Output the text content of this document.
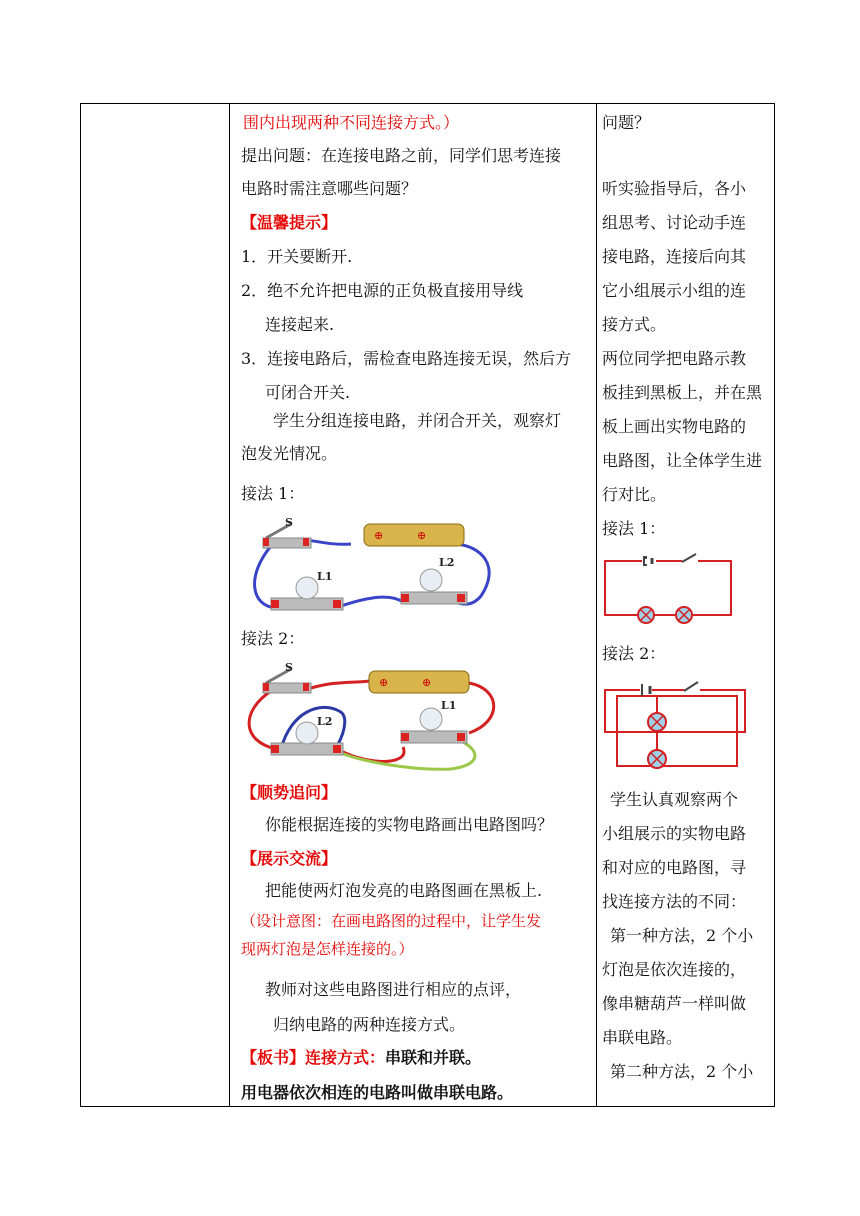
围内出现两种不同连接方式。）
提出问题：在连接电路之前，同学们思考连接
电路时需注意哪些问题？
【温馨提示】
1．开关要断开.
2．绝不允许把电源的正负极直接用导线
连接起来.
3．连接电路后，需检查电路连接无误，然后方
可闭合开关.
学生分组连接电路，并闭合开关，观察灯
泡发光情况。
接法 1：
S
⊕	⊕
L1
L2
接法 2：
S
⊕	⊕
L2
L1
【顺势追问】
你能根据连接的实物电路画出电路图吗？
【展示交流】
把能使两灯泡发亮的电路图画在黑板上.
（设计意图：在画电路图的过程中，让学生发
现两灯泡是怎样连接的。）
教师对这些电路图进行相应的点评，
归纳电路的两种连接方式。
【板书】连接方式：串联和并联。
用电器依次相连的电路叫做串联电路。
问题？
听实验指导后，各小
组思考、讨论动手连
接电路，连接后向其
它小组展示小组的连
接方式。
两位同学把电路示教
板挂到黑板上，并在黑
板上画出实物电路的
电路图，让全体学生进
行对比。
接法 1：
接法 2：
学生认真观察两个
小组展示的实物电路
和对应的电路图，寻
找连接方法的不同：
第一种方法，2 个小
灯泡是依次连接的，
像串糖葫芦一样叫做
串联电路。
第二种方法，2 个小
